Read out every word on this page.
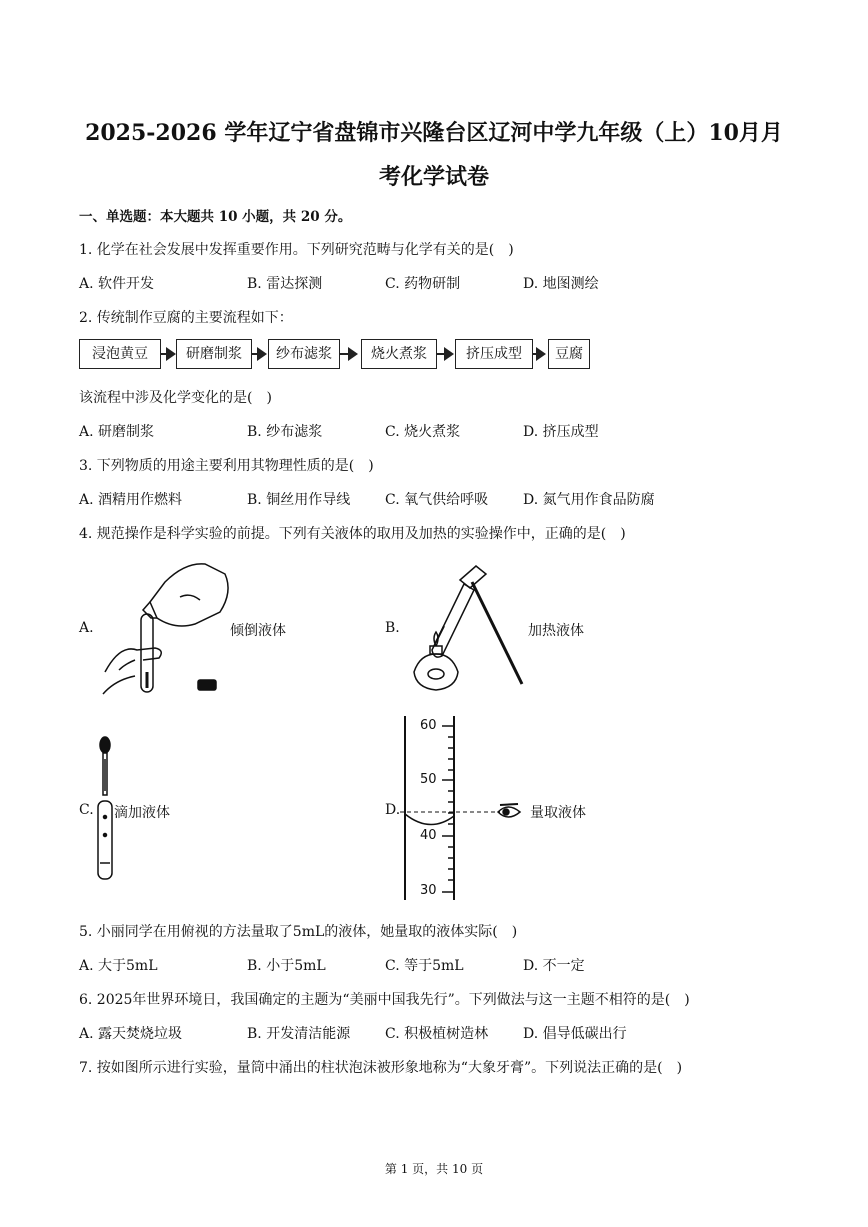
2025-2026 学年辽宁省盘锦市兴隆台区辽河中学九年级（上）10月月
考化学试卷
一、单选题：本大题共 10 小题，共 20 分。
1. 化学在社会发展中发挥重要作用。下列研究范畴与化学有关的是(　)
A. 软件开发	B. 雷达探测	C. 药物研制	D. 地图测绘
2. 传统制作豆腐的主要流程如下：
浸泡黄豆	研磨制浆	纱布滤浆	烧火煮浆	挤压成型	豆腐
该流程中涉及化学变化的是(　)
A. 研磨制浆	B. 纱布滤浆	C. 烧火煮浆	D. 挤压成型
3. 下列物质的用途主要利用其物理性质的是(　)
A. 酒精用作燃料	B. 铜丝用作导线 C. 氧气供给呼吸 D. 氮气用作食品防腐
4. 规范操作是科学实验的前提。下列有关液体的取用及加热的实验操作中，正确的是(　)
A.	倾倒液体	B.	加热液体
C. 滴加液体	D.
60
50
40
30
量取液体
5. 小丽同学在用俯视的方法量取了5mL的液体，她量取的液体实际(　)
A. 大于5mL	B. 小于5mL	C. 等于5mL	D. 不一定
6. 2025年世界环境日，我国确定的主题为“美丽中国我先行”。下列做法与这一主题不相符的是(　)
A. 露天焚烧垃圾	B. 开发清洁能源 C. 积极植树造林 D. 倡导低碳出行
7. 按如图所示进行实验，量筒中涌出的柱状泡沫被形象地称为“大象牙膏”。下列说法正确的是(　)
第 1 页，共 10 页
